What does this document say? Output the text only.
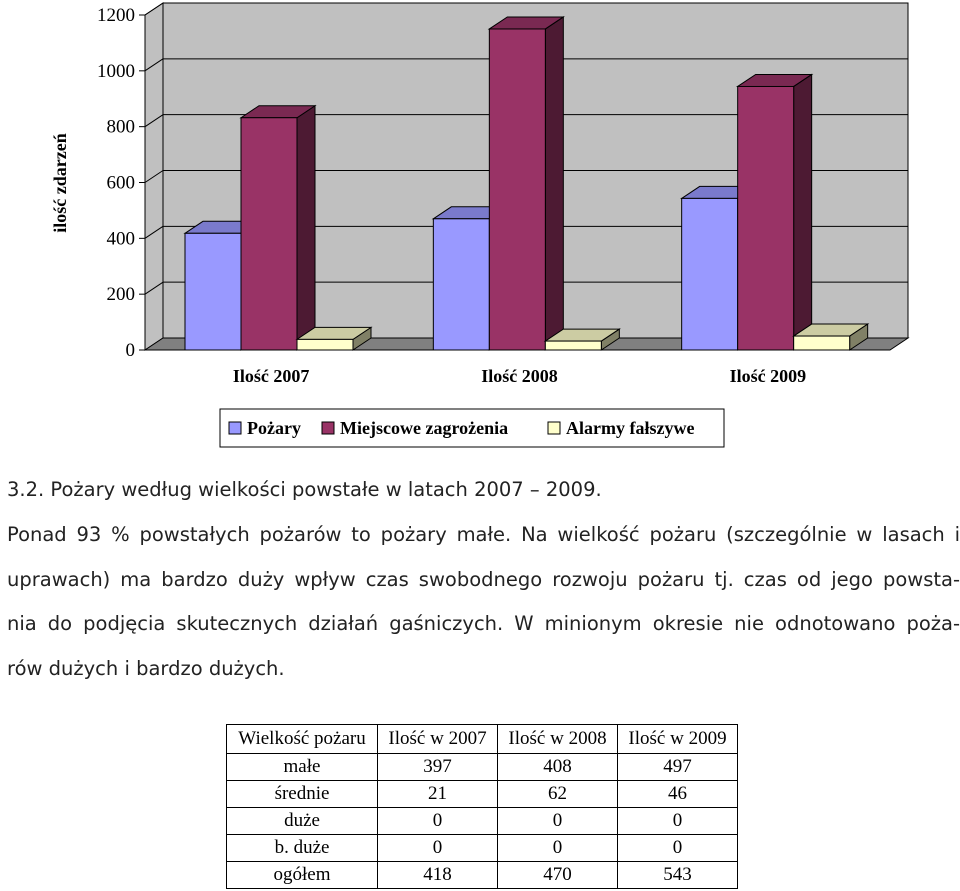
0
200
400
600
800
1000
1200
Ilość 2007	Ilość 2008	Ilość 2009
ilość zdarzeń
Pożary Miejscowe zagrożenia	Alarmy fałszywe
3.2. Pożary według wielkości powstałe w latach 2007 – 2009.

Ponad 93 % powstałych pożarów to pożary małe. Na wielkość pożaru (szczególnie w lasach i
uprawach) ma bardzo duży wpływ czas swobodnego rozwoju pożaru tj. czas od jego powsta-
nia do podjęcia skutecznych działań gaśniczych. W minionym okresie nie odnotowano poża-
rów dużych i bardzo dużych.

Wielkość pożaru	Ilość w 2007	Ilość w 2008	Ilość w 2009
małe	397	408	497
średnie	21	62	46
duże	0	0	0
b. duże	0	0	0
ogółem	418	470	543
